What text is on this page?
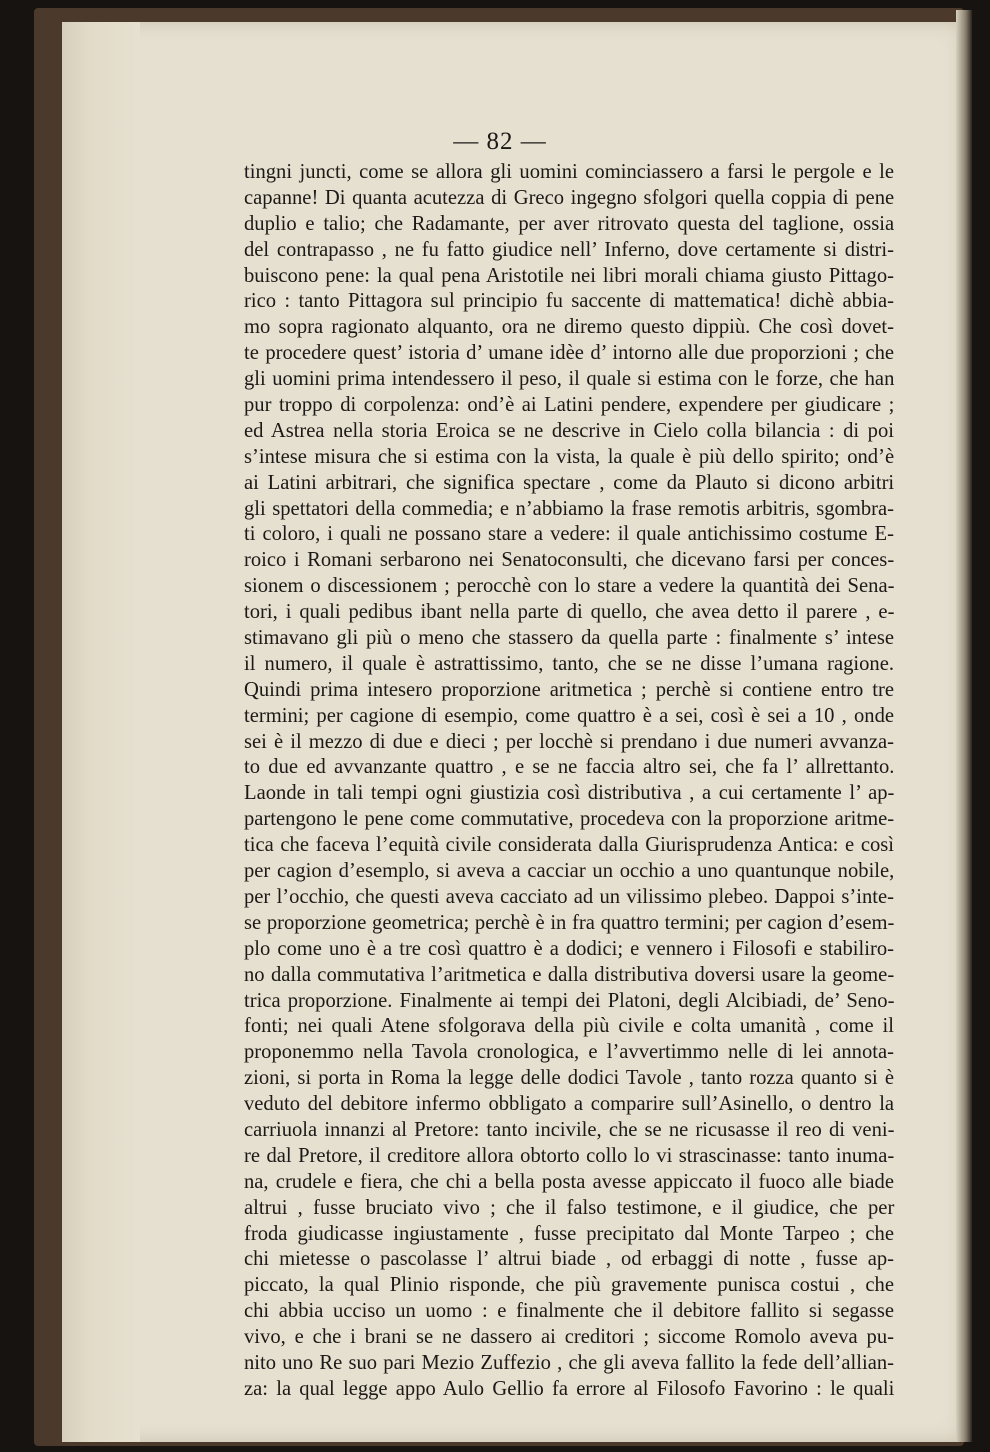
— 82 —
tingni juncti, come se allora gli uomini cominciassero a farsi le pergole e le
capanne! Di quanta acutezza di Greco ingegno sfolgori quella coppia di pene
duplio e talio; che Radamante, per aver ritrovato questa del taglione, ossia
del contrapasso , ne fu fatto giudice nell’ Inferno, dove certamente si distri-
buiscono pene: la qual pena Aristotile nei libri morali chiama giusto Pittago-
rico : tanto Pittagora sul principio fu saccente di mattematica! dichè abbia-
mo sopra ragionato alquanto, ora ne diremo questo dippiù. Che così dovet-
te procedere quest’ istoria d’ umane idèe d’ intorno alle due proporzioni ; che
gli uomini prima intendessero il peso, il quale si estima con le forze, che han
pur troppo di corpolenza: ond’è ai Latini pendere, expendere per giudicare ;
ed Astrea nella storia Eroica se ne descrive in Cielo colla bilancia : di poi
s’intese misura che si estima con la vista, la quale è più dello spirito; ond’è
ai Latini arbitrari, che significa spectare , come da Plauto si dicono arbitri
gli spettatori della commedia; e n’abbiamo la frase remotis arbitris, sgombra-
ti coloro, i quali ne possano stare a vedere: il quale antichissimo costume E-
roico i Romani serbarono nei Senatoconsulti, che dicevano farsi per conces-
sionem o discessionem ; perocchè con lo stare a vedere la quantità dei Sena-
tori, i quali pedibus ibant nella parte di quello, che avea detto il parere , e-
stimavano gli più o meno che stassero da quella parte : finalmente s’ intese
il numero, il quale è astrattissimo, tanto, che se ne disse l’umana ragione.
Quindi prima intesero proporzione aritmetica ; perchè si contiene entro tre
termini; per cagione di esempio, come quattro è a sei, così è sei a 10 , onde
sei è il mezzo di due e dieci ; per locchè si prendano i due numeri avvanza-
to due ed avvanzante quattro , e se ne faccia altro sei, che fa l’ allrettanto.
Laonde in tali tempi ogni giustizia così distributiva , a cui certamente l’ ap-
partengono le pene come commutative, procedeva con la proporzione aritme-
tica che faceva l’equità civile considerata dalla Giurisprudenza Antica: e così
per cagion d’esemplo, si aveva a cacciar un occhio a uno quantunque nobile,
per l’occhio, che questi aveva cacciato ad un vilissimo plebeo. Dappoi s’inte-
se proporzione geometrica; perchè è in fra quattro termini; per cagion d’esem-
plo come uno è a tre così quattro è a dodici; e vennero i Filosofi e stabiliro-
no dalla commutativa l’aritmetica e dalla distributiva doversi usare la geome-
trica proporzione. Finalmente ai tempi dei Platoni, degli Alcibiadi, de’ Seno-
fonti; nei quali Atene sfolgorava della più civile e colta umanità , come il
proponemmo nella Tavola cronologica, e l’avvertimmo nelle di lei annota-
zioni, si porta in Roma la legge delle dodici Tavole , tanto rozza quanto si è
veduto del debitore infermo obbligato a comparire sull’Asinello, o dentro la
carriuola innanzi al Pretore: tanto incivile, che se ne ricusasse il reo di veni-
re dal Pretore, il creditore allora obtorto collo lo vi strascinasse: tanto inuma-
na, crudele e fiera, che chi a bella posta avesse appiccato il fuoco alle biade
altrui , fusse bruciato vivo ; che il falso testimone, e il giudice, che per
froda giudicasse ingiustamente , fusse precipitato dal Monte Tarpeo ; che
chi mietesse o pascolasse l’ altrui biade , od erbaggi di notte , fusse ap-
piccato, la qual Plinio risponde, che più gravemente punisca costui , che
chi abbia ucciso un uomo : e finalmente che il debitore fallito si segasse
vivo, e che i brani se ne dassero ai creditori ; siccome Romolo aveva pu-
nito uno Re suo pari Mezio Zuffezio , che gli aveva fallito la fede dell’allian-
za: la qual legge appo Aulo Gellio fa errore al Filosofo Favorino : le quali
